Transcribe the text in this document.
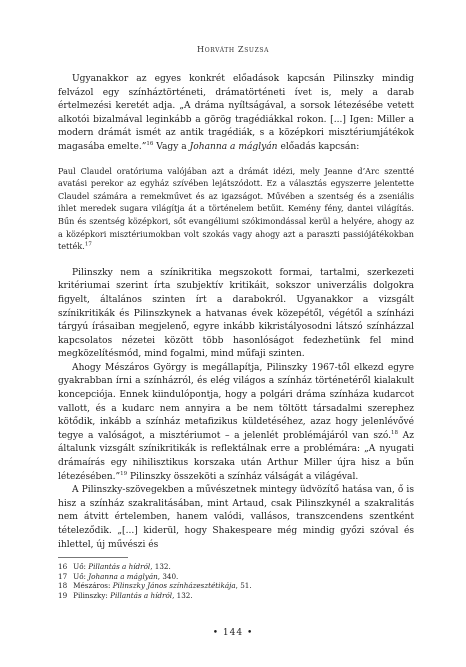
Horváth Zsuzsa

Ugyanakkor az egyes konkrét előadások kapcsán Pilinszky mindig felvázol egy színháztörténeti, drámatörténeti ívet is, mely a darab értelmezési keretét adja. „A dráma nyíltságával, a sorsok létezésébe vetett alkotói bizalmával leginkább a görög tragédiákkal rokon. [...] Igen: Miller a modern drámát ismét az antik tragédiák, s a középkori misztériumjátékok magasába emelte.”$^{16}$ Vagy a Johanna a máglyán előadás kapcsán:

Paul Claudel oratóriuma valójában azt a drámát idézi, mely Jeanne d’Arc szentté avatási perekor az egyház szívében lejátszódott. Ez a választás egyszerre jelentette Claudel számára a remekművet és az igazságot. Művében a szentség és a zseniális ihlet meredek sugara világítja át a történelem betűit. Kemény fény, dantei világítás. Bűn és szentség középkori, sőt evangéliumi szókimondással kerül a helyére, ahogy az a középkori misztériumokban volt szokás vagy ahogy azt a paraszti passiójátékokban tették.$^{17}$

Pilinszky nem a színikritika megszokott formai, tartalmi, szerkezeti kritériumai szerint írta szubjektív kritikáit, sokszor univerzális dolgokra figyelt, általános szinten írt a darabokról. Ugyanakkor a vizsgált színikritikák és Pilinszkynek a hatvanas évek közepétől, végétől a színházi tárgyú írásaiban megjelenő, egyre inkább kikristályosodni látszó színházzal kapcsolatos nézetei között több hasonlóságot fedezhetünk fel mind megközelítésmód, mind fogalmi, mind műfaji szinten.

Ahogy Mészáros György is megállapítja, Pilinszky 1967-től elkezd egyre gyakrabban írni a színházról, és elég világos a színház történetéről kialakult koncepciója. Ennek kiindulópontja, hogy a polgári dráma színháza kudarcot vallott, és a kudarc nem annyira a be nem töltött társadalmi szerephez kötődik, inkább a színház metafizikus küldetéséhez, azaz hogy jelenlévővé tegye a valóságot, a misztériumot – a jelenlét problémájáról van szó.$^{18}$ Az általunk vizsgált színikritikák is reflektálnak erre a problémára: „A nyugati drámaírás egy nihilisztikus korszaka után Arthur Miller újra hisz a bűn létezésében.”$^{19}$ Pilinszky összeköti a színház válságát a világéval.

A Pilinszky-szövegekben a művészetnek mintegy üdvözítő hatása van, ő is hisz a színház szakralitásában, mint Artaud, csak Pilinszkynél a szakralitás nem átvitt értelemben, hanem valódi, vallásos, transzcendens szentként tételeződik. „[...] kiderül, hogy Shakespeare még mindig győzi szóval és ihlettel, új művészi és

16 Uő: Pillantás a hídról, 132.
17 Uő: Johanna a máglyán, 340.
18 Mészáros: Pilinszky János színházesztétikája, 51.
19 Pilinszky: Pillantás a hídról, 132.
• 144 •
